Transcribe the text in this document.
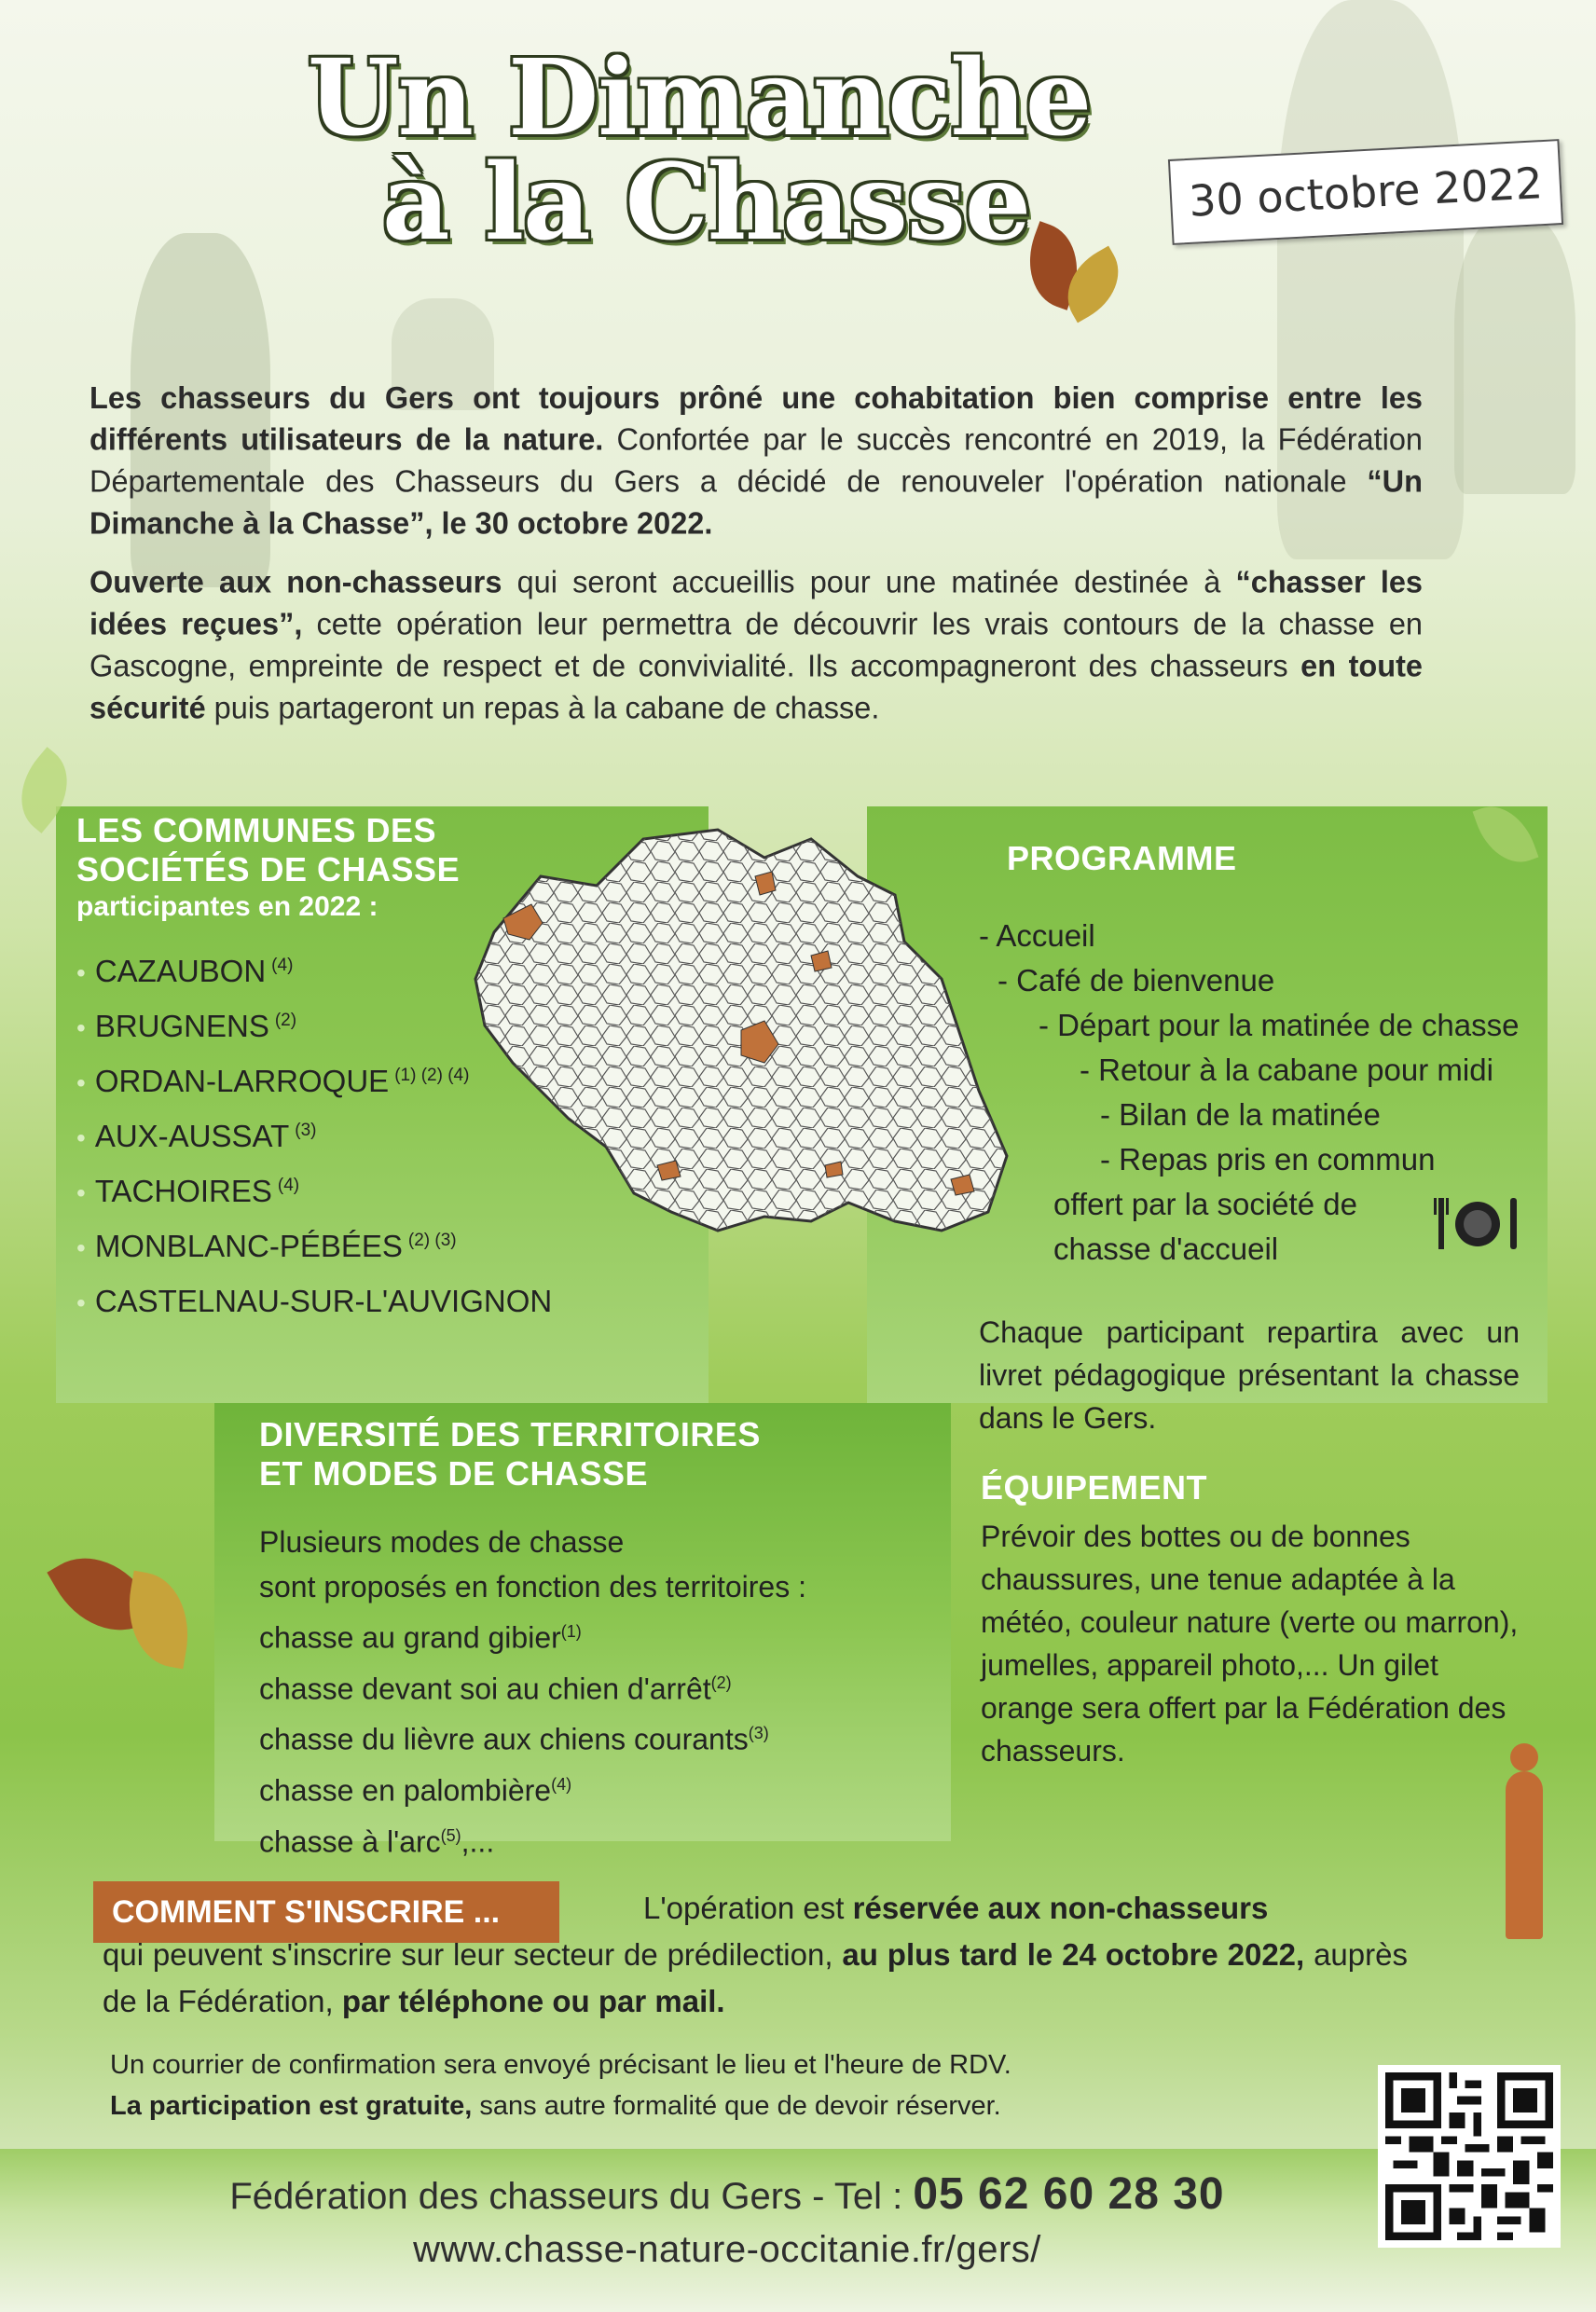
Un Dimanche
à la Chasse	30 octobre 2022

Les chasseurs du Gers ont toujours prôné une cohabitation bien comprise entre les différents utilisateurs de la nature. Confortée par le succès rencontré en 2019, la Fédération Départementale des Chasseurs du Gers a décidé de renouveler l'opération nationale “Un Dimanche à la Chasse”, le 30 octobre 2022.

Ouverte aux non-chasseurs qui seront accueillis pour une matinée destinée à “chasser les idées reçues”, cette opération leur permettra de découvrir les vrais contours de la chasse en Gascogne, empreinte de respect et de convivialité. Ils accompagneront des chasseurs en toute sécurité puis partageront un repas à la cabane de chasse.

LES COMMUNES DES
SOCIÉTÉS DE CHASSE
participantes en 2022 :
• CAZAUBON $^{(4)}$
• BRUGNENS $^{(2)}$
• ORDAN-LARROQUE $^{(1) (2) (4)}$
• AUX-AUSSAT $^{(3)}$
• TACHOIRES $^{(4)}$
• MONBLANC-PÉBÉES $^{(2) (3)}$
• CASTELNAU-SUR-L'AUVIGNON
PROGRAMME
- Accueil
- Café de bienvenue
- Départ pour la matinée de chasse
- Retour à la cabane pour midi
- Bilan de la matinée
- Repas pris en commun
offert par la société de
chasse d'accueil
Chaque participant repartira avec un livret pédagogique présentant la chasse dans le Gers.
ÉQUIPEMENT
Prévoir des bottes ou de bonnes chaussures, une tenue adaptée à la météo, couleur nature (verte ou marron), jumelles, appareil photo,... Un gilet orange sera offert par la Fédération des chasseurs.
DIVERSITÉ DES TERRITOIRES
ET MODES DE CHASSE
Plusieurs modes de chasse
sont proposés en fonction des territoires :
chasse au grand gibier$^{(1)}$
chasse devant soi au chien d'arrêt$^{(2)}$
chasse du lièvre aux chiens courants$^{(3)}$
chasse en palombière$^{(4)}$
chasse à l'arc$^{(5)}$,...
COMMENT S'INSCRIRE ...	L'opération est réservée aux non-chasseurs
qui peuvent s'inscrire sur leur secteur de prédilection, au plus tard le 24 octobre 2022, auprès de la Fédération, par téléphone ou par mail.
Un courrier de confirmation sera envoyé précisant le lieu et l'heure de RDV.
La participation est gratuite, sans autre formalité que de devoir réserver.
Fédération des chasseurs du Gers - Tel : 05 62 60 28 30
www.chasse-nature-occitanie.fr/gers/
